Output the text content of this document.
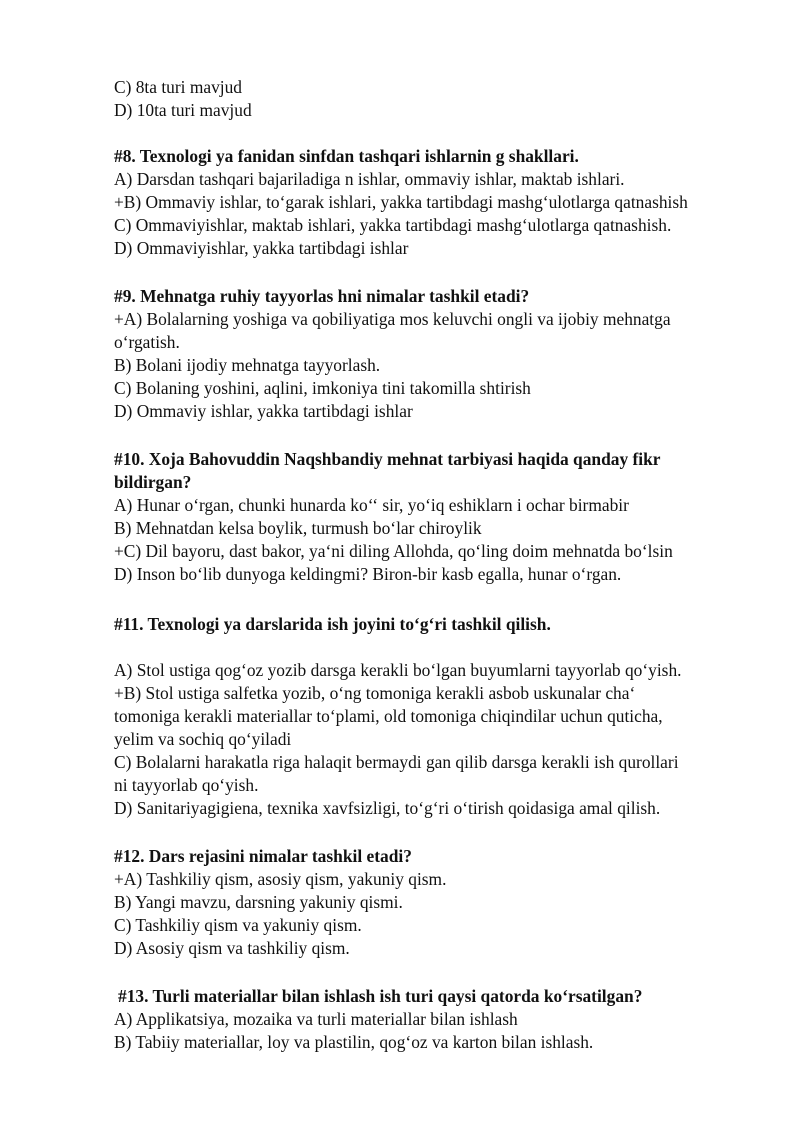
C) 8ta turi mavjud
D) 10ta turi mavjud
#8. Texnologi ya fanidan sinfdan tashqari ishlarnin g shakllari.
A) Darsdan tashqari bajariladiga n ishlar, ommaviy ishlar, maktab ishlari.
+B) Ommaviy ishlar, to‘garak ishlari, yakka tartibdagi mashg‘ulotlarga qatnashish
C) Ommaviyishlar, maktab ishlari, yakka tartibdagi mashg‘ulotlarga qatnashish.
D) Ommaviyishlar, yakka tartibdagi ishlar
#9. Mehnatga ruhiy tayyorlas hni nimalar tashkil etadi?
+A) Bolalarning yoshiga va qobiliyatiga mos keluvchi ongli va ijobiy mehnatga
o‘rgatish.
B) Bolani ijodiy mehnatga tayyorlash.
C) Bolaning yoshini, aqlini, imkoniya tini takomilla shtirish
D) Ommaviy ishlar, yakka tartibdagi ishlar
#10. Xoja Bahovuddin Naqshbandiy mehnat tarbiyasi haqida qanday fikr
bildirgan?
A) Hunar o‘rgan, chunki hunarda ko‘‘ sir, yo‘iq eshiklarn i ochar birmabir
B) Mehnatdan kelsa boylik, turmush bo‘lar chiroylik
+C) Dil bayoru, dast bakor, ya‘ni diling Allohda, qo‘ling doim mehnatda bo‘lsin
D) Inson bo‘lib dunyoga keldingmi? Biron-bir kasb egalla, hunar o‘rgan.
#11. Texnologi ya darslarida ish joyini to‘g‘ri tashkil qilish.
A) Stol ustiga qog‘oz yozib darsga kerakli bo‘lgan buyumlarni tayyorlab qo‘yish.
+B) Stol ustiga salfetka yozib, o‘ng tomoniga kerakli asbob uskunalar cha‘
tomoniga kerakli materiallar to‘plami, old tomoniga chiqindilar uchun quticha,
yelim va sochiq qo‘yiladi
C) Bolalarni harakatla riga halaqit bermaydi gan qilib darsga kerakli ish qurollari
ni tayyorlab qo‘yish.
D) Sanitariyagigiena, texnika xavfsizligi, to‘g‘ri o‘tirish qoidasiga amal qilish.
#12. Dars rejasini nimalar tashkil etadi?
+A) Tashkiliy qism, asosiy qism, yakuniy qism.
B) Yangi mavzu, darsning yakuniy qismi.
C) Tashkiliy qism va yakuniy qism.
D) Asosiy qism va tashkiliy qism.
#13. Turli materiallar bilan ishlash ish turi qaysi qatorda ko‘rsatilgan?
A) Applikatsiya, mozaika va turli materiallar bilan ishlash
B) Tabiiy materiallar, loy va plastilin, qog‘oz va karton bilan ishlash.
